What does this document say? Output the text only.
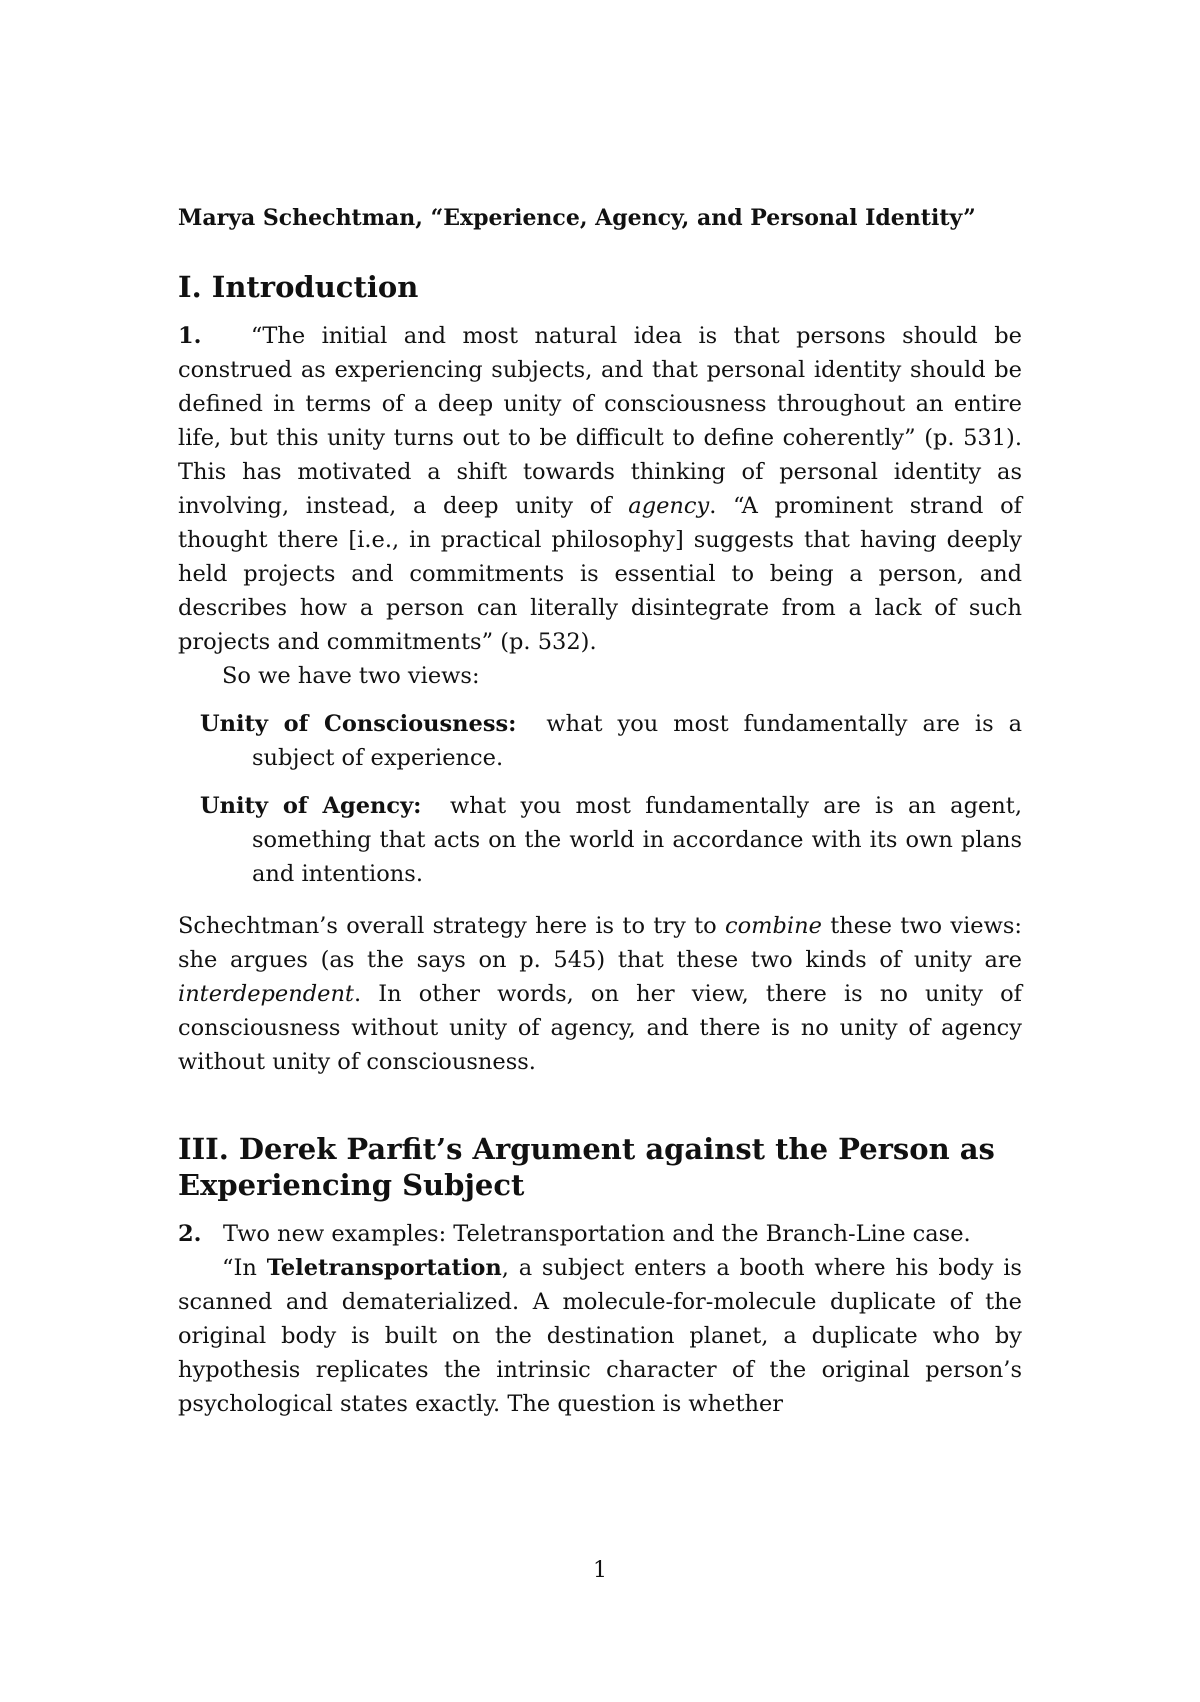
Marya Schechtman, “Experience, Agency, and Personal Identity”
I. Introduction

1. “The initial and most natural idea is that persons should be construed as experiencing subjects, and that personal identity should be defined in terms of a deep unity of consciousness throughout an entire life, but this unity turns out to be difficult to define coherently” (p. 531). This has motivated a shift towards thinking of personal identity as involving, instead, a deep unity of agency. “A prominent strand of thought there [i.e., in practical philosophy] suggests that having deeply held projects and commitments is essential to being a person, and describes how a person can literally disintegrate from a lack of such projects and commitments” (p. 532).

So we have two views:

Unity of Consciousness: what you most fundamentally are is a subject of experience.
Unity of Agency: what you most fundamentally are is an agent, something that acts on the world in accordance with its own plans and intentions.

Schechtman’s overall strategy here is to try to combine these two views: she argues (as the says on p. 545) that these two kinds of unity are interdependent. In other words, on her view, there is no unity of consciousness without unity of agency, and there is no unity of agency without unity of consciousness.

III. Derek Parfit’s Argument against the Person as Experiencing Subject

2. Two new examples: Teletransportation and the Branch-Line case.

“In Teletransportation, a subject enters a booth where his body is scanned and dematerialized. A molecule-for-molecule duplicate of the original body is built on the destination planet, a duplicate who by hypothesis replicates the intrinsic character of the original person’s psychological states exactly. The question is whether

1
